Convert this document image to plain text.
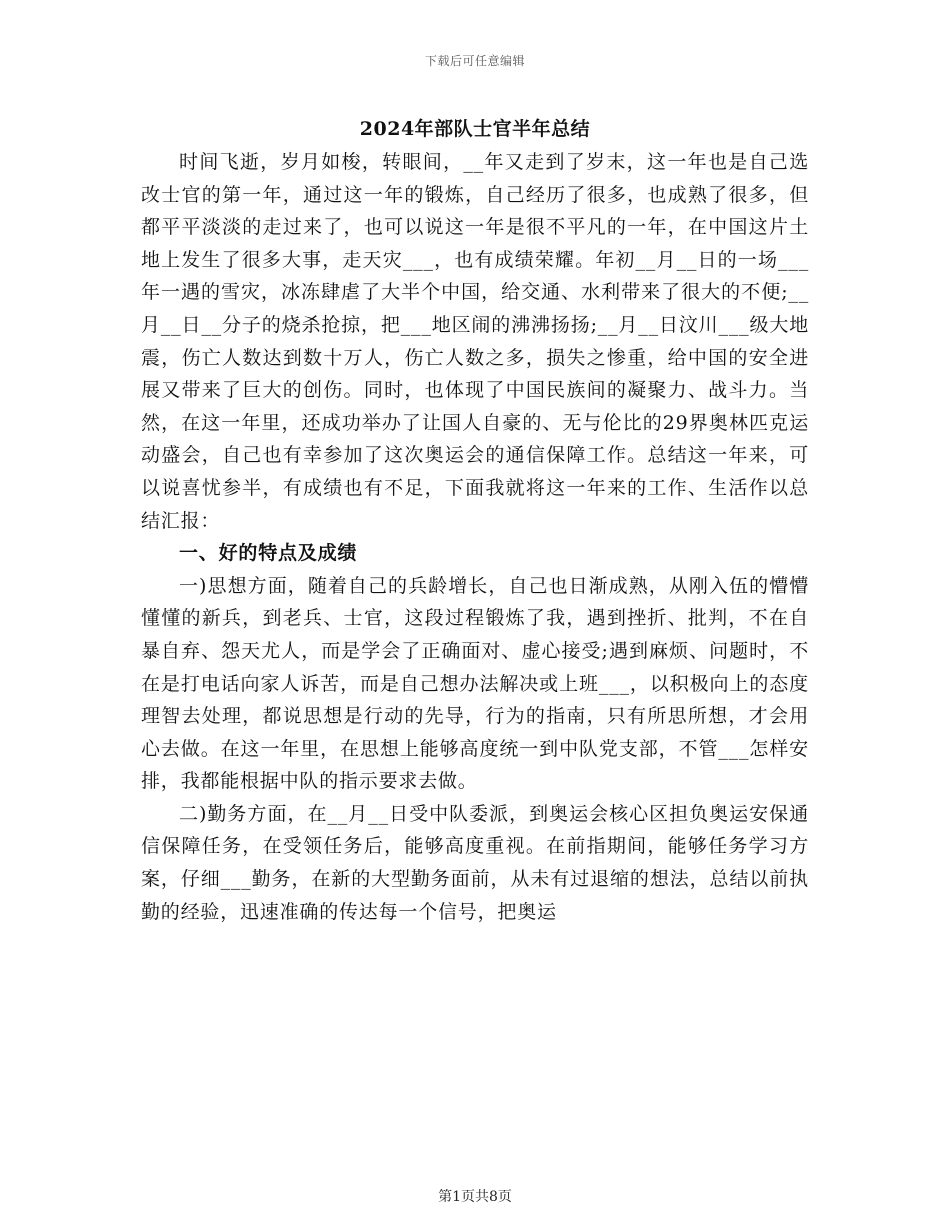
下载后可任意编辑
2024年部队士官半年总结

时间飞逝，岁月如梭，转眼间，__年又走到了岁末，这一年也是自己选改士官的第一年，通过这一年的锻炼，自己经历了很多，也成熟了很多，但都平平淡淡的走过来了，也可以说这一年是很不平凡的一年，在中国这片土地上发生了很多大事，走天灾___，也有成绩荣耀。年初__月__日的一场___年一遇的雪灾，冰冻肆虐了大半个中国，给交通、水利带来了很大的不便;__月__日__分子的烧杀抢掠，把___地区闹的沸沸扬扬;__月__日汶川___级大地震，伤亡人数达到数十万人，伤亡人数之多，损失之惨重，给中国的安全进展又带来了巨大的创伤。同时，也体现了中国民族间的凝聚力、战斗力。当然，在这一年里，还成功举办了让国人自豪的、无与伦比的29界奥林匹克运动盛会，自己也有幸参加了这次奥运会的通信保障工作。总结这一年来，可以说喜忧参半，有成绩也有不足，下面我就将这一年来的工作、生活作以总结汇报：

一、好的特点及成绩

一)思想方面，随着自己的兵龄增长，自己也日渐成熟，从刚入伍的懵懵懂懂的新兵，到老兵、士官，这段过程锻炼了我，遇到挫折、批判，不在自暴自弃、怨天尤人，而是学会了正确面对、虚心接受;遇到麻烦、问题时，不在是打电话向家人诉苦，而是自己想办法解决或上班___，以积极向上的态度理智去处理，都说思想是行动的先导，行为的指南，只有所思所想，才会用心去做。在这一年里，在思想上能够高度统一到中队党支部，不管___怎样安排，我都能根据中队的指示要求去做。

二)勤务方面，在__月__日受中队委派，到奥运会核心区担负奥运安保通信保障任务，在受领任务后，能够高度重视。在前指期间，能够任务学习方案，仔细___勤务，在新的大型勤务面前，从未有过退缩的想法，总结以前执勤的经验，迅速准确的传达每一个信号，把奥运

第1页共8页
